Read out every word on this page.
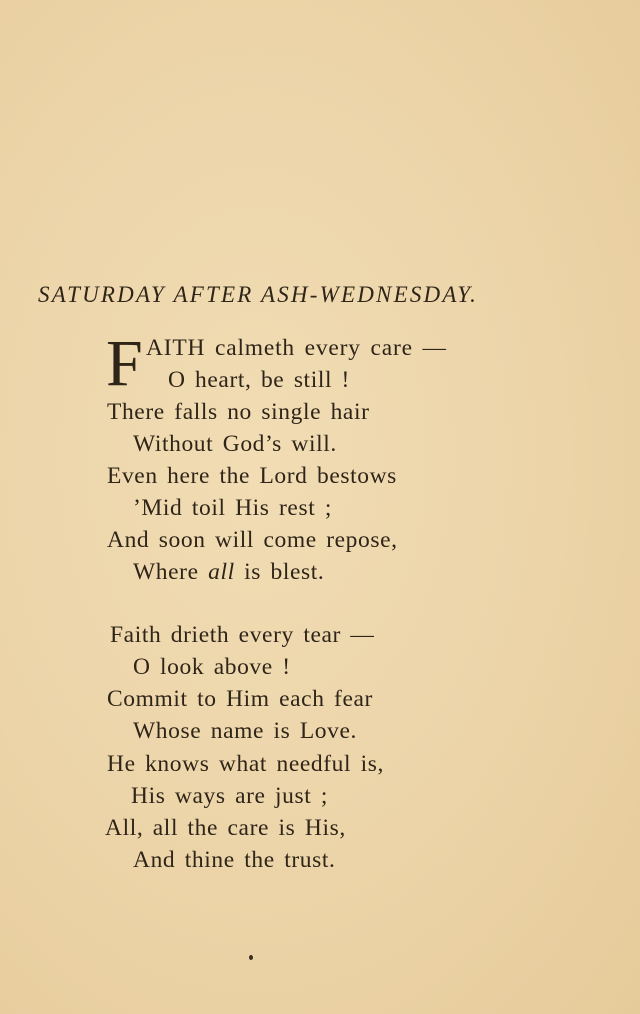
SATURDAY AFTER ASH-WEDNESDAY.
F AITH calmeth every care —
O heart, be still !
There falls no single hair
Without God’s will.
Even here the Lord bestows
’Mid toil His rest ;
And soon will come repose,
Where all is blest.
Faith drieth every tear —
O look above !
Commit to Him each fear
Whose name is Love.
He knows what needful is,
His ways are just ;
All, all the care is His,
And thine the trust.
